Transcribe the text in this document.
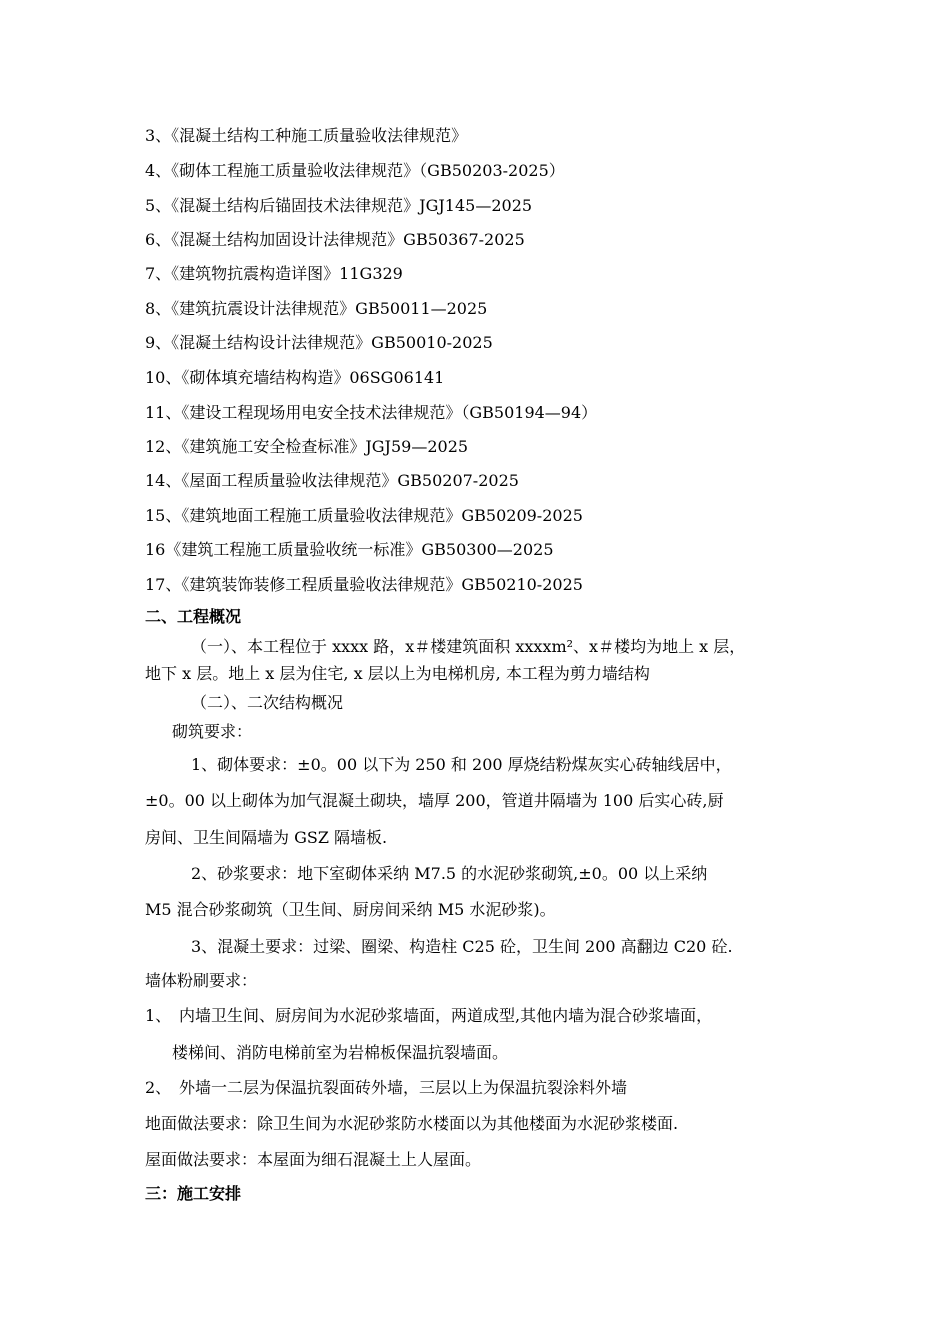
3、《混凝土结构工种施工质量验收法律规范》
4、《砌体工程施工质量验收法律规范》（GB50203-2025）
5、《混凝土结构后锚固技术法律规范》JGJ145—2025
6、《混凝土结构加固设计法律规范》GB50367-2025
7、《建筑物抗震构造详图》11G329
8、《建筑抗震设计法律规范》GB50011—2025
9、《混凝土结构设计法律规范》GB50010-2025
10、《砌体填充墙结构构造》06SG06141
11、《建设工程现场用电安全技术法律规范》（GB50194—94）
12、《建筑施工安全检查标准》JGJ59—2025
14、《屋面工程质量验收法律规范》GB50207-2025
15、《建筑地面工程施工质量验收法律规范》GB50209-2025
16《建筑工程施工质量验收统一标准》GB50300—2025
17、《建筑装饰装修工程质量验收法律规范》GB50210-2025
二、工程概况
（一）、本工程位于 xxxx 路，x＃楼建筑面积 xxxxm²、x＃楼均为地上 x 层，
地下 x 层。地上 x 层为住宅, x 层以上为电梯机房, 本工程为剪力墙结构
（二）、二次结构概况
砌筑要求：
1、砌体要求：±0。00 以下为 250 和 200 厚烧结粉煤灰实心砖轴线居中，
±0。00 以上砌体为加气混凝土砌块，墙厚 200，管道井隔墙为 100 后实心砖,厨
房间、卫生间隔墙为 GSZ 隔墙板.
2、砂浆要求：地下室砌体采纳 M7.5 的水泥砂浆砌筑,±0。00 以上采纳
M5 混合砂浆砌筑（卫生间、厨房间采纳 M5 水泥砂浆)。
3、混凝土要求：过梁、圈梁、构造柱 C25 砼，卫生间 200 高翻边 C20 砼.
墙体粉刷要求：
1、 内墙卫生间、厨房间为水泥砂浆墙面，两道成型,其他内墙为混合砂浆墙面，
楼梯间、消防电梯前室为岩棉板保温抗裂墙面。
2、 外墙一二层为保温抗裂面砖外墙，三层以上为保温抗裂涂料外墙
地面做法要求：除卫生间为水泥砂浆防水楼面以为其他楼面为水泥砂浆楼面.
屋面做法要求：本屋面为细石混凝土上人屋面。
三：施工安排
